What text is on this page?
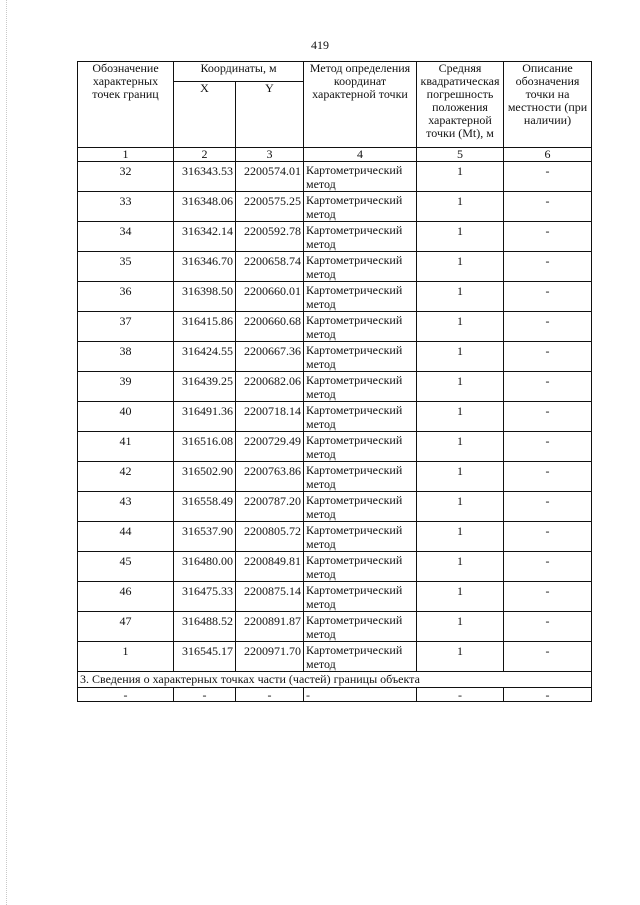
419
Обозначение характерных точек границ	Координаты, м		Метод определения координат характерной точки	Средняя квадратическая погрешность положения характерной точки (Mt), м	Описание обозначения точки на местности (при наличии)
	X	Y			
1	2	3	4	5	6
32	316343.53	2200574.01	Картометрический метод	1	-
33	316348.06	2200575.25	Картометрический метод	1	-
34	316342.14	2200592.78	Картометрический метод	1	-
35	316346.70	2200658.74	Картометрический метод	1	-
36	316398.50	2200660.01	Картометрический метод	1	-
37	316415.86	2200660.68	Картометрический метод	1	-
38	316424.55	2200667.36	Картометрический метод	1	-
39	316439.25	2200682.06	Картометрический метод	1	-
40	316491.36	2200718.14	Картометрический метод	1	-
41	316516.08	2200729.49	Картометрический метод	1	-
42	316502.90	2200763.86	Картометрический метод	1	-
43	316558.49	2200787.20	Картометрический метод	1	-
44	316537.90	2200805.72	Картометрический метод	1	-
45	316480.00	2200849.81	Картометрический метод	1	-
46	316475.33	2200875.14	Картометрический метод	1	-
47	316488.52	2200891.87	Картометрический метод	1	-
1	316545.17	2200971.70	Картометрический метод	1	-
3. Сведения о характерных точках части (частей) границы объекта					
-	-	-	-	-	-
